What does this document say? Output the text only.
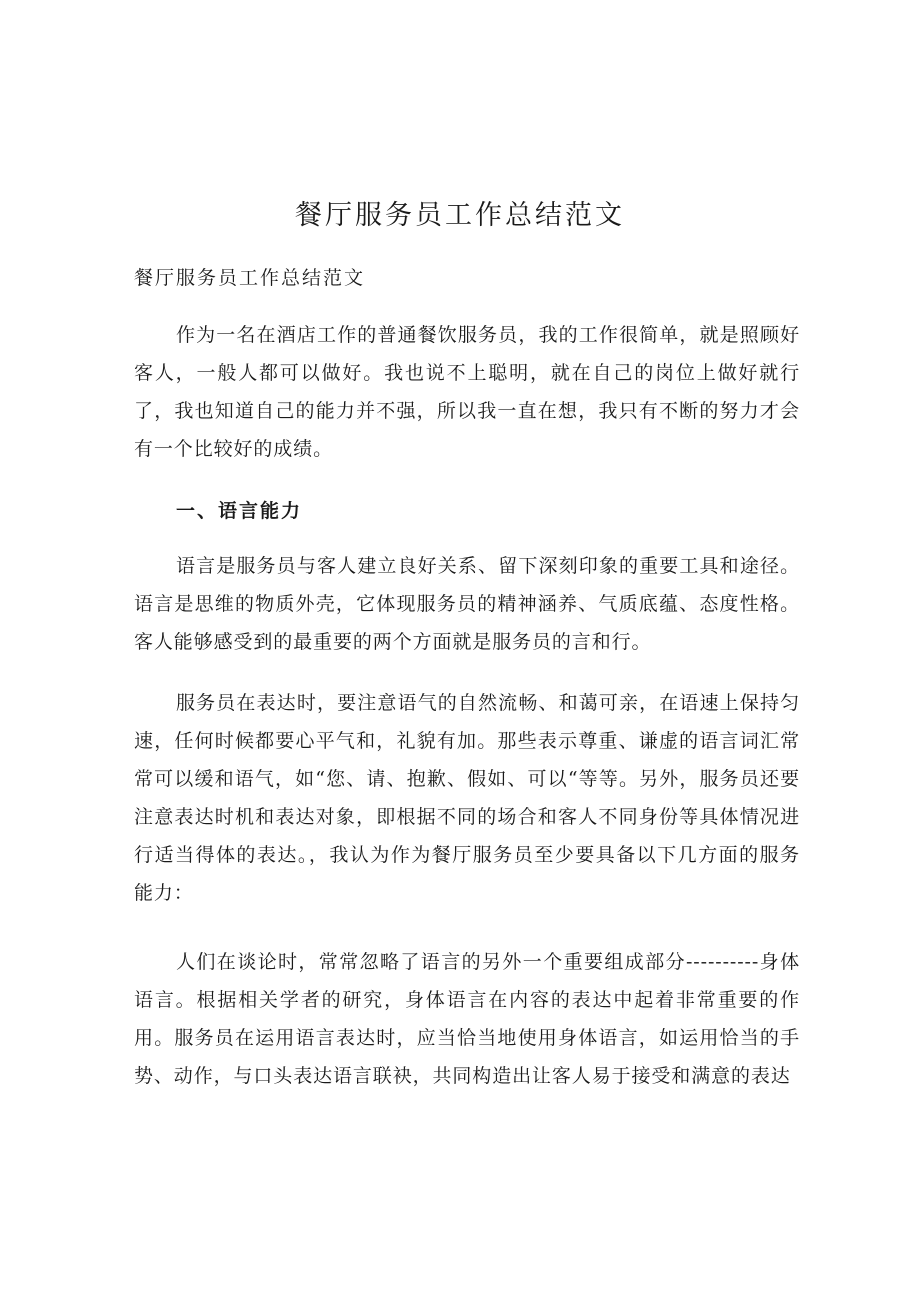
餐厅服务员工作总结范文

餐厅服务员工作总结范文

作为一名在酒店工作的普通餐饮服务员，我的工作很简单，就是照顾好客人，一般人都可以做好。我也说不上聪明，就在自己的岗位上做好就行了，我也知道自己的能力并不强，所以我一直在想，我只有不断的努力才会有一个比较好的成绩。

一、语言能力

语言是服务员与客人建立良好关系、留下深刻印象的重要工具和途径。语言是思维的物质外壳，它体现服务员的精神涵养、气质底蕴、态度性格。客人能够感受到的最重要的两个方面就是服务员的言和行。

服务员在表达时，要注意语气的自然流畅、和蔼可亲，在语速上保持匀速，任何时候都要心平气和，礼貌有加。那些表示尊重、谦虚的语言词汇常常可以缓和语气，如“您、请、抱歉、假如、可以“等等。另外，服务员还要注意表达时机和表达对象，即根据不同的场合和客人不同身份等具体情况进行适当得体的表达。，我认为作为餐厅服务员至少要具备以下几方面的服务能力：

人们在谈论时，常常忽略了语言的另外一个重要组成部分----------身体语言。根据相关学者的研究，身体语言在内容的表达中起着非常重要的作用。服务员在运用语言表达时，应当恰当地使用身体语言，如运用恰当的手势、动作，与口头表达语言联袂，共同构造出让客人易于接受和满意的表达
